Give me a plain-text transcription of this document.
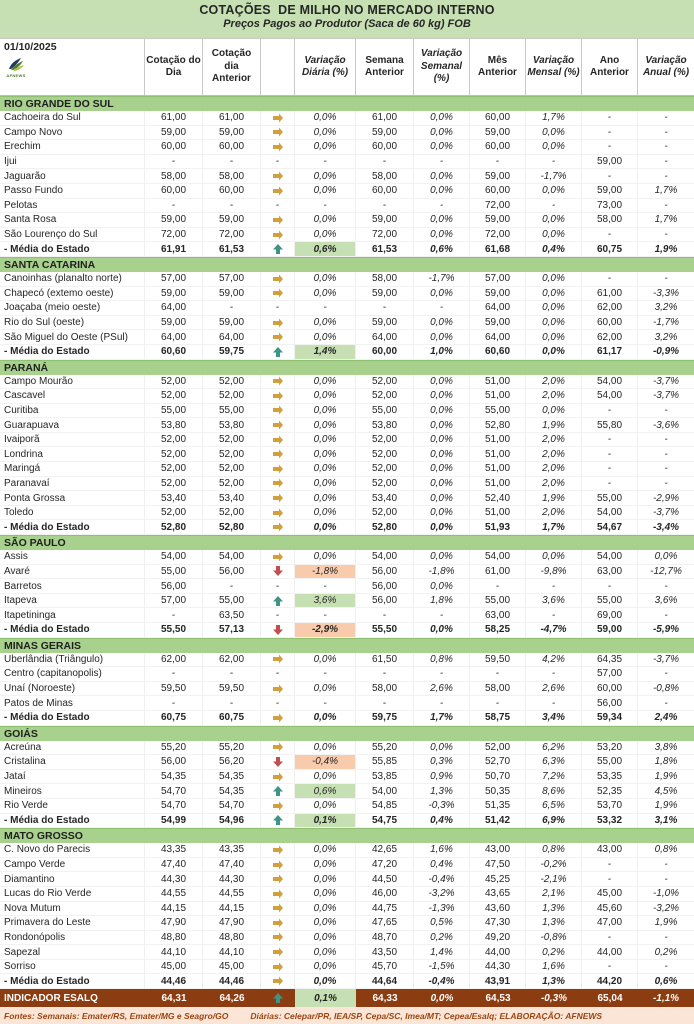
COTAÇÕES  DE MILHO NO MERCADO INTERNO
Preços Pagos ao Produtor (Saca de 60 kg) FOB
01/10/2025
AFNEWS
Cotação do Dia
Cotação dia Anterior
Variação Diária (%)
Semana Anterior
Variação Semanal (%)
Mês Anterior
Variação Mensal (%)
Ano Anterior
Variação Anual (%)
RIO GRANDE DO SUL
Cachoeira do Sul	61,00	61,00	0,0%	61,00	0,0%	60,00	1,7%	-	-
Campo Novo	59,00	59,00	0,0%	59,00	0,0%	59,00	0,0%	-	-
Erechim	60,00	60,00	0,0%	60,00	0,0%	60,00	0,0%	-	-
Ijui	-	-	-	-	-	-	-	-	59,00	-
Jaguarão	58,00	58,00	0,0%	58,00	0,0%	59,00	-1,7%	-	-
Passo Fundo	60,00	60,00	0,0%	60,00	0,0%	60,00	0,0%	59,00	1,7%
Pelotas	-	-	-	-	-	-	72,00	-	73,00	-
Santa Rosa	59,00	59,00	0,0%	59,00	0,0%	59,00	0,0%	58,00	1,7%
São Lourenço do Sul	72,00	72,00	0,0%	72,00	0,0%	72,00	0,0%	-	-
- Média do Estado	61,91	61,53	0,6%	61,53	0,6%	61,68	0,4%	60,75	1,9%
SANTA CATARINA
Canoinhas (planalto norte)	57,00	57,00	0,0%	58,00	-1,7%	57,00	0,0%	-	-
Chapecó (extemo oeste)	59,00	59,00	0,0%	59,00	0,0%	59,00	0,0%	61,00	-3,3%
Joaçaba (meio oeste)	64,00	-	-	-	-	-	64,00	0,0%	62,00	3,2%
Rio do Sul (oeste)	59,00	59,00	0,0%	59,00	0,0%	59,00	0,0%	60,00	-1,7%
São Miguel do Oeste (PSul)	64,00	64,00	0,0%	64,00	0,0%	64,00	0,0%	62,00	3,2%
- Média do Estado	60,60	59,75	1,4%	60,00	1,0%	60,60	0,0%	61,17	-0,9%
PARANÁ
Campo Mourão	52,00	52,00	0,0%	52,00	0,0%	51,00	2,0%	54,00	-3,7%
Cascavel	52,00	52,00	0,0%	52,00	0,0%	51,00	2,0%	54,00	-3,7%
Curitiba	55,00	55,00	0,0%	55,00	0,0%	55,00	0,0%	-	-
Guarapuava	53,80	53,80	0,0%	53,80	0,0%	52,80	1,9%	55,80	-3,6%
Ivaiporã	52,00	52,00	0,0%	52,00	0,0%	51,00	2,0%	-	-
Londrina	52,00	52,00	0,0%	52,00	0,0%	51,00	2,0%	-	-
Maringá	52,00	52,00	0,0%	52,00	0,0%	51,00	2,0%	-	-
Paranavaí	52,00	52,00	0,0%	52,00	0,0%	51,00	2,0%	-	-
Ponta Grossa	53,40	53,40	0,0%	53,40	0,0%	52,40	1,9%	55,00	-2,9%
Toledo	52,00	52,00	0,0%	52,00	0,0%	51,00	2,0%	54,00	-3,7%
- Média do Estado	52,80	52,80	0,0%	52,80	0,0%	51,93	1,7%	54,67	-3,4%
SÃO PAULO
Assis	54,00	54,00	0,0%	54,00	0,0%	54,00	0,0%	54,00	0,0%
Avaré	55,00	56,00	-1,8%	56,00	-1,8%	61,00	-9,8%	63,00	-12,7%
Barretos	56,00	-	-	-	56,00	0,0%	-	-	-	-
Itapeva	57,00	55,00	3,6%	56,00	1,8%	55,00	3,6%	55,00	3,6%
Itapetininga	-	63,50	-	-	-	-	63,00	-	69,00	-
- Média do Estado	55,50	57,13	-2,9%	55,50	0,0%	58,25	-4,7%	59,00	-5,9%
MINAS GERAIS
Uberlândia (Triângulo)	62,00	62,00	0,0%	61,50	0,8%	59,50	4,2%	64,35	-3,7%
Centro (capitanopolis)	-	-	-	-	-	-	-	-	57,00	-
Unaí (Noroeste)	59,50	59,50	0,0%	58,00	2,6%	58,00	2,6%	60,00	-0,8%
Patos de Minas	-	-	-	-	-	-	-	-	56,00	-
- Média do Estado	60,75	60,75	0,0%	59,75	1,7%	58,75	3,4%	59,34	2,4%
GOIÁS
Acreúna	55,20	55,20	0,0%	55,20	0,0%	52,00	6,2%	53,20	3,8%
Cristalina	56,00	56,20	-0,4%	55,85	0,3%	52,70	6,3%	55,00	1,8%
Jataí	54,35	54,35	0,0%	53,85	0,9%	50,70	7,2%	53,35	1,9%
Mineiros	54,70	54,35	0,6%	54,00	1,3%	50,35	8,6%	52,35	4,5%
Rio Verde	54,70	54,70	0,0%	54,85	-0,3%	51,35	6,5%	53,70	1,9%
- Média do Estado	54,99	54,96	0,1%	54,75	0,4%	51,42	6,9%	53,32	3,1%
MATO GROSSO
C. Novo do Parecis	43,35	43,35	0,0%	42,65	1,6%	43,00	0,8%	43,00	0,8%
Campo Verde	47,40	47,40	0,0%	47,20	0,4%	47,50	-0,2%	-	-
Diamantino	44,30	44,30	0,0%	44,50	-0,4%	45,25	-2,1%	-	-
Lucas do Rio Verde	44,55	44,55	0,0%	46,00	-3,2%	43,65	2,1%	45,00	-1,0%
Nova Mutum	44,15	44,15	0,0%	44,75	-1,3%	43,60	1,3%	45,60	-3,2%
Primavera do Leste	47,90	47,90	0,0%	47,65	0,5%	47,30	1,3%	47,00	1,9%
Rondonópolis	48,80	48,80	0,0%	48,70	0,2%	49,20	-0,8%	-	-
Sapezal	44,10	44,10	0,0%	43,50	1,4%	44,00	0,2%	44,00	0,2%
Sorriso	45,00	45,00	0,0%	45,70	-1,5%	44,30	1,6%	-	-
- Média do Estado	44,46	44,46	0,0%	44,64	-0,4%	43,91	1,3%	44,20	0,6%
INDICADOR ESALQ	64,31	64,26	0,1%	64,33	0,0%	64,53	-0,3%	65,04	-1,1%
Fontes: Semanais: Emater/RS, Emater/MG e Seagro/GO	Diárias: Celepar/PR, IEA/SP, Cepa/SC, Imea/MT; Cepea/Esalq; ELABORAÇÃO: AFNEWS
